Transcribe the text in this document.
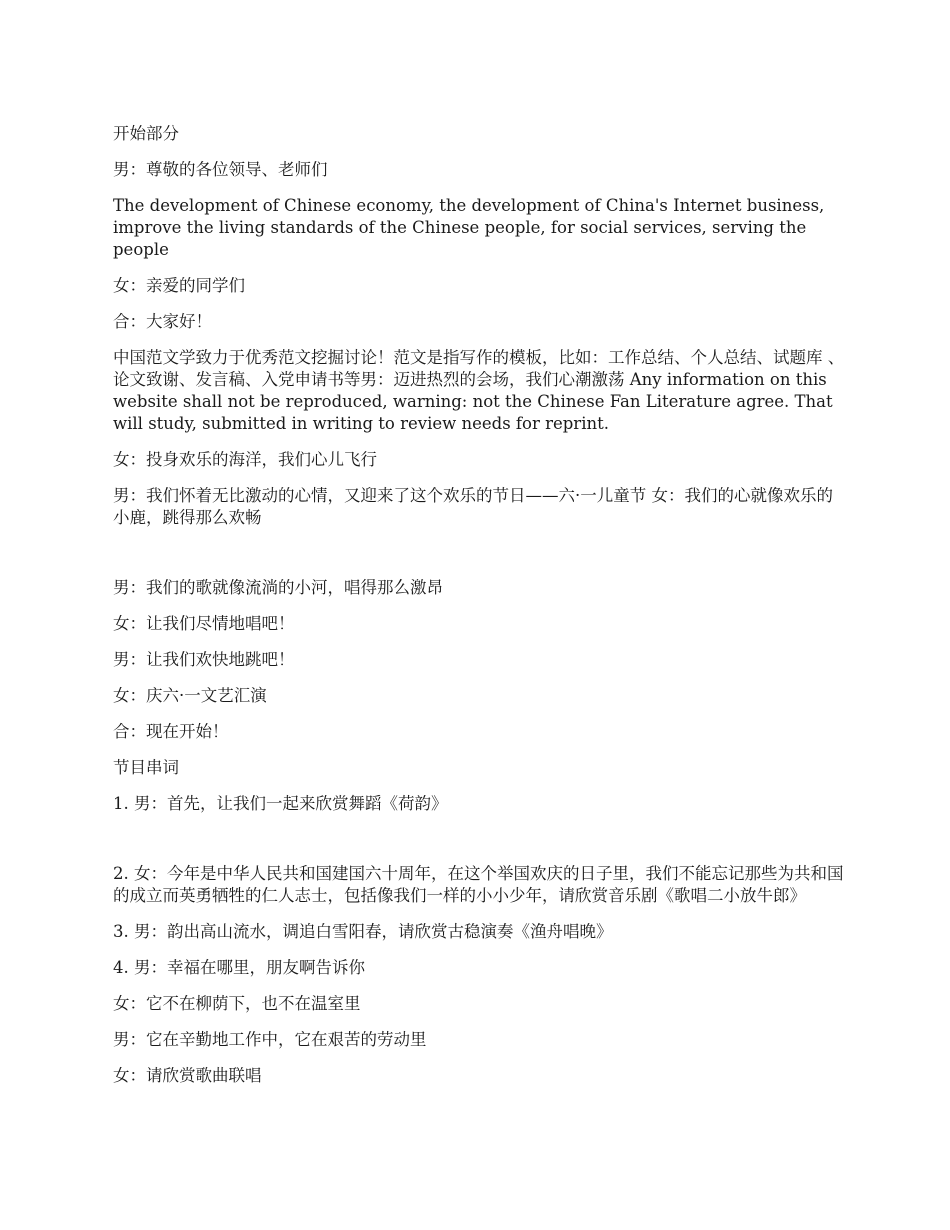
开始部分

男：尊敬的各位领导、老师们

The development of Chinese economy, the development of China's Internet business, improve the living standards of the Chinese people, for social services, serving the people

女：亲爱的同学们

合：大家好！

中国范文学致力于优秀范文挖掘讨论！范文是指写作的模板，比如：工作总结、个人总结、试题库 、论文致谢、发言稿、入党申请书等男：迈进热烈的会场，我们心潮激荡 Any information on this website shall not be reproduced, warning: not the Chinese Fan Literature agree. That will study, submitted in writing to review needs for reprint.

女：投身欢乐的海洋，我们心儿飞行

男：我们怀着无比激动的心情，又迎来了这个欢乐的节日——六·一儿童节 女：我们的心就像欢乐的小鹿，跳得那么欢畅

男：我们的歌就像流淌的小河，唱得那么激昂

女：让我们尽情地唱吧！

男：让我们欢快地跳吧！

女：庆六·一文艺汇演

合：现在开始！

节目串词

1. 男：首先，让我们一起来欣赏舞蹈《荷韵》

2. 女：今年是中华人民共和国建国六十周年，在这个举国欢庆的日子里，我们不能忘记那些为共和国的成立而英勇牺牲的仁人志士，包括像我们一样的小小少年，请欣赏音乐剧《歌唱二小放牛郎》

3. 男：韵出高山流水，调追白雪阳春，请欣赏古稳演奏《渔舟唱晚》

4. 男：幸福在哪里，朋友啊告诉你

女：它不在柳荫下，也不在温室里

男：它在辛勤地工作中，它在艰苦的劳动里

女：请欣赏歌曲联唱
